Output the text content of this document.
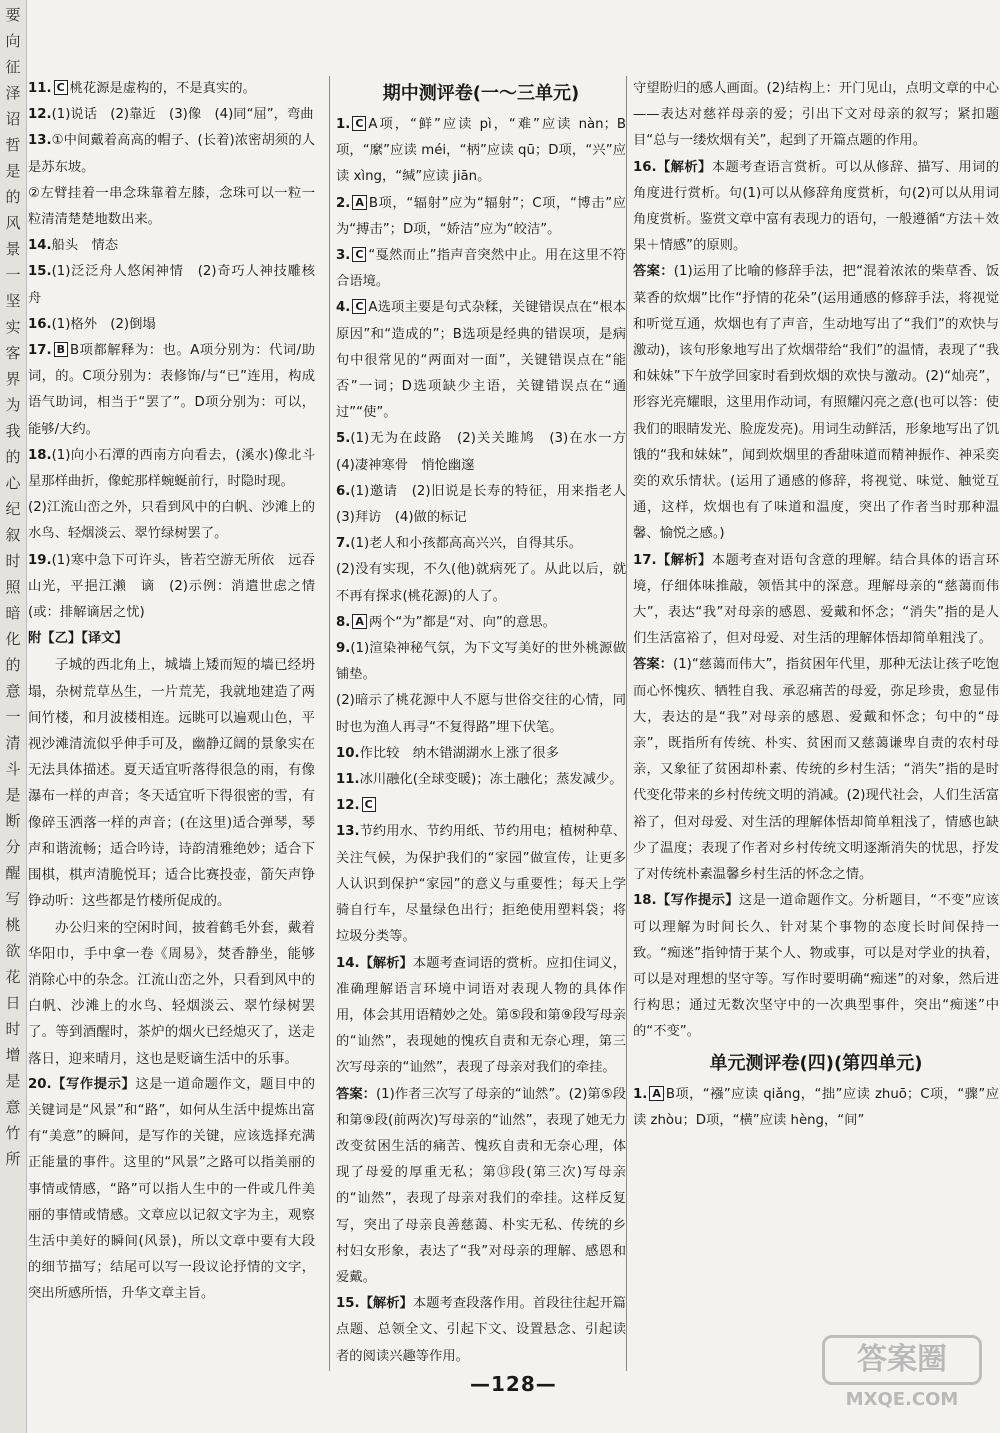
要
向
征
泽
诏
哲
是
的
风
景
一
坚
实
客
界
为
我
的
心
纪
叙
时
照
暗
化
的
意
一
清
斗
是
断
分
醒
写
桃
欲
花
日
时
增
是
意
竹
所

11. C 桃花源是虚构的，不是真实的。

12.(1)说话　(2)靠近　(3)像　(4)同“屈”，弯曲

13.①中间戴着高高的帽子、(长着)浓密胡须的人是苏东坡。

②左臂挂着一串念珠靠着左膝，念珠可以一粒一粒清清楚楚地数出来。

14.船头　情态

15.(1)泛泛舟人悠闲神情　(2)奇巧人神技雕核舟

16.(1)格外　(2)倒塌

17. B B项都解释为：也。A项分别为：代词/助词，的。C项分别为：表修饰/与“已”连用，构成语气助词，相当于“罢了”。D项分别为：可以，能够/大约。

18.(1)向小石潭的西南方向看去，(溪水)像北斗星那样曲折，像蛇那样蜿蜒前行，时隐时现。

(2)江流山峦之外，只看到风中的白帆、沙滩上的水鸟、轻烟淡云、翠竹绿树罢了。

19.(1)寒中急下可许头，皆若空游无所依　远吞山光，平挹江濑　谪　(2)示例：消遣世虑之情(或：排解谪居之忧)

附【乙】【译文】

子城的西北角上，城墙上矮而短的墙已经坍塌，杂树荒草丛生，一片荒芜，我就地建造了两间竹楼，和月波楼相连。远眺可以遍观山色，平视沙滩清流似乎伸手可及，幽静辽阔的景象实在无法具体描述。夏天适宜听落得很急的雨，有像瀑布一样的声音；冬天适宜听下得很密的雪，有像碎玉洒落一样的声音；(在这里)适合弹琴，琴声和谐流畅；适合吟诗，诗韵清雅绝妙；适合下围棋，棋声清脆悦耳；适合比赛投壶，箭矢声铮铮动听：这些都是竹楼所促成的。

办公归来的空闲时间，披着鹤毛外套，戴着华阳巾，手中拿一卷《周易》，焚香静坐，能够消除心中的杂念。江流山峦之外，只看到风中的白帆、沙滩上的水鸟、轻烟淡云、翠竹绿树罢了。等到酒醒时，茶炉的烟火已经熄灭了，送走落日，迎来晴月，这也是贬谪生活中的乐事。

20.【写作提示】这是一道命题作文，题目中的关键词是“风景”和“路”，如何从生活中提炼出富有“美意”的瞬间，是写作的关键，应该选择充满正能量的事件。这里的“风景”之路可以指美丽的事情或情感，“路”可以指人生中的一件或几件美丽的事情或情感。文章应以记叙文字为主，观察生活中美好的瞬间(风景)，所以文章中要有大段的细节描写；结尾可以写一段议论抒情的文字，突出所感所悟，升华文章主旨。

期中测评卷(一～三单元)

1. C A项，“鲜”应读 pì，“难”应读 nàn；B项，“縻”应读 méi，“柄”应读 qū；D项，“兴”应读 xìng，“缄”应读 jiān。

2. A B项，“辐射”应为“辐射”；C项，“博击”应为“搏击”；D项，“娇洁”应为“皎洁”。

3. C “戛然而止”指声音突然中止。用在这里不符合语境。

4. C A选项主要是句式杂糅，关键错误点在“根本原因”和“造成的”；B选项是经典的错误项，是病句中很常见的“两面对一面”，关键错误点在“能否”一词；D选项缺少主语，关键错误点在“通过”“使”。

5.(1)无为在歧路　(2)关关雎鸠　(3)在水一方　(4)凄神寒骨　悄怆幽邃

6.(1)邀请　(2)旧说是长寿的特征，用来指老人　(3)拜访　(4)做的标记

7.(1)老人和小孩都高高兴兴，自得其乐。

(2)没有实现，不久(他)就病死了。从此以后，就不再有探求(桃花源)的人了。

8. A 两个“为”都是“对、向”的意思。

9.(1)渲染神秘气氛，为下文写美好的世外桃源做铺垫。

(2)暗示了桃花源中人不愿与世俗交往的心情，同时也为渔人再寻“不复得路”埋下伏笔。

10.作比较　纳木错湖湖水上涨了很多

11.冰川融化(全球变暖)；冻土融化；蒸发减少。

12. C

13.节约用水、节约用纸、节约用电；植树种草、关注气候，为保护我们的“家园”做宣传，让更多人认识到保护“家园”的意义与重要性；每天上学骑自行车，尽量绿色出行；拒绝使用塑料袋；将垃圾分类等。

14.【解析】本题考查词语的赏析。应扣住词义，准确理解语言环境中词语对表现人物的具体作用，体会其用语精妙之处。第⑤段和第⑨段写母亲的“讪然”，表现她的愧疚自责和无奈心理，第三次写母亲的“讪然”，表现了母亲对我们的牵挂。

答案：(1)作者三次写了母亲的“讪然”。(2)第⑤段和第⑨段(前两次)写母亲的“讪然”，表现了她无力改变贫困生活的痛苦、愧疚自责和无奈心理，体现了母爱的厚重无私；第⑬段(第三次)写母亲的“讪然”，表现了母亲对我们的牵挂。这样反复写，突出了母亲良善慈蔼、朴实无私、传统的乡村妇女形象，表达了“我”对母亲的理解、感恩和爱戴。

15.【解析】本题考查段落作用。首段往往起开篇点题、总领全文、引起下文、设置悬念、引起读者的阅读兴趣等作用。

守望盼归的感人画面。(2)结构上：开门见山，点明文章的中心——表达对慈祥母亲的爱；引出下文对母亲的叙写；紧扣题目“总与一缕炊烟有关”，起到了开篇点题的作用。

16.【解析】本题考查语言赏析。可以从修辞、描写、用词的角度进行赏析。句(1)可以从修辞角度赏析，句(2)可以从用词角度赏析。鉴赏文章中富有表现力的语句，一般遵循“方法＋效果＋情感”的原则。

答案：(1)运用了比喻的修辞手法，把“混着浓浓的柴草香、饭菜香的炊烟”比作“抒情的花朵”(运用通感的修辞手法，将视觉和听觉互通，炊烟也有了声音，生动地写出了“我们”的欢快与激动)，该句形象地写出了炊烟带给“我们”的温情，表现了“我和妹妹”下午放学回家时看到炊烟的欢快与激动。(2)“灿亮”，形容光亮耀眼，这里用作动词，有照耀闪亮之意(也可以答：使我们的眼睛发光、脸庞发亮)。用词生动鲜活，形象地写出了饥饿的“我和妹妹”，闻到炊烟里的香甜味道而精神振作、神采奕奕的欢乐情状。(运用了通感的修辞，将视觉、味觉、触觉互通，这样，炊烟也有了味道和温度，突出了作者当时那种温馨、愉悦之感。)

17.【解析】本题考查对语句含意的理解。结合具体的语言环境，仔细体味推敲，领悟其中的深意。理解母亲的“慈蔼而伟大”，表达“我”对母亲的感恩、爱戴和怀念；“消失”指的是人们生活富裕了，但对母爱、对生活的理解体悟却简单粗浅了。

答案：(1)“慈蔼而伟大”，指贫困年代里，那种无法让孩子吃饱而心怀愧疚、牺牲自我、承忍痛苦的母爱，弥足珍贵，愈显伟大，表达的是“我”对母亲的感恩、爱戴和怀念；句中的“母亲”，既指所有传统、朴实、贫困而又慈蔼谦卑自责的农村母亲，又象征了贫困却朴素、传统的乡村生活；“消失”指的是时代变化带来的乡村传统文明的消减。(2)现代社会，人们生活富裕了，但对母爱、对生活的理解体悟却简单粗浅了，情感也缺少了温度；表现了作者对乡村传统文明逐渐消失的忧思，抒发了对传统朴素温馨乡村生活的怀念之情。

18.【写作提示】这是一道命题作文。分析题目，“不变”应该可以理解为时间长久、针对某个事物的态度长时间保持一致。“痴迷”指钟情于某个人、物或事，可以是对学业的执着，可以是对理想的坚守等。写作时要明确“痴迷”的对象，然后进行构思；通过无数次坚守中的一次典型事件，突出“痴迷”中的“不变”。

单元测评卷(四)(第四单元)

1. A B项，“襁”应读 qiǎng，“拙”应读 zhuō；C项，“骤”应读 zhòu；D项，“横”应读 hèng，“间”

—128—
答案圈
MXQE.COM
